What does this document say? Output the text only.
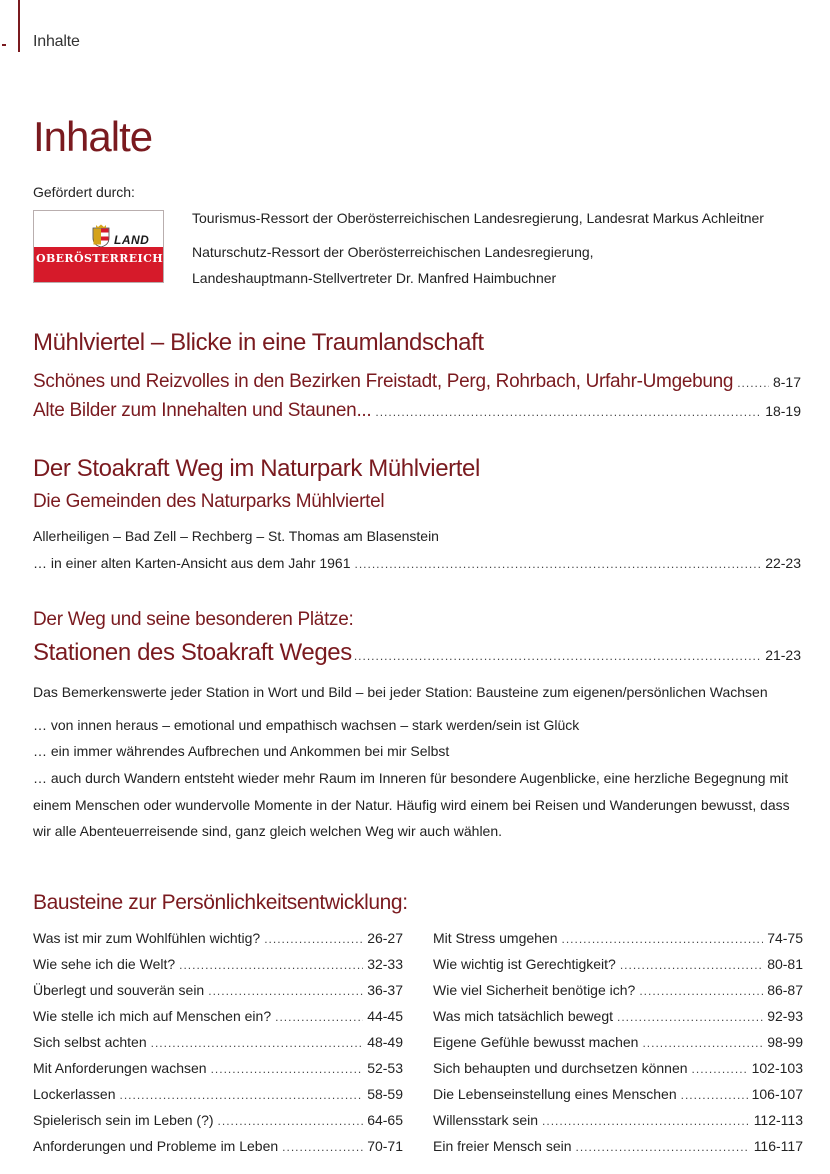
Inhalte
Inhalte
Gefördert durch:
LAND
OBERÖSTERREICH
Tourismus-Ressort der Oberösterreichischen Landesregierung, Landesrat Markus Achleitner
Naturschutz-Ressort der Oberösterreichischen Landesregierung,
Landeshauptmann-Stellvertreter Dr. Manfred Haimbuchner
Mühlviertel – Blicke in eine Traumlandschaft
Schönes und Reizvolles in den Bezirken Freistadt, Perg, Rohrbach, Urfahr-Umgebung .....	8-17
Alte Bilder zum Innehalten und Staunen... .....	18-19
Der Stoakraft Weg im Naturpark Mühlviertel
Die Gemeinden des Naturparks Mühlviertel
Allerheiligen – Bad Zell – Rechberg – St. Thomas am Blasenstein
… in einer alten Karten-Ansicht aus dem Jahr 1961 .....	22-23
Der Weg und seine besonderen Plätze:
Stationen des Stoakraft Weges .....	21-23
Das Bemerkenswerte jeder Station in Wort und Bild – bei jeder Station: Bausteine zum eigenen/persönlichen Wachsen
… von innen heraus – emotional und empathisch wachsen – stark werden/sein ist Glück
… ein immer währendes Aufbrechen und Ankommen bei mir Selbst
… auch durch Wandern entsteht wieder mehr Raum im Inneren für besondere Augenblicke, eine herzliche Begegnung mit einem Menschen oder wundervolle Momente in der Natur. Häufig wird einem bei Reisen und Wanderungen bewusst, dass wir alle Abenteuerreisende sind, ganz gleich welchen Weg wir auch wählen.
Bausteine zur Persönlichkeitsentwicklung:
Was ist mir zum Wohlfühlen wichtig? .....	26-27
Wie sehe ich die Welt? .....	32-33
Überlegt und souverän sein .....	36-37
Wie stelle ich mich auf Menschen ein? .....	44-45
Sich selbst achten .....	48-49
Mit Anforderungen wachsen .....	52-53
Lockerlassen .....	58-59
Spielerisch sein im Leben (?) .....	64-65
Anforderungen und Probleme im Leben .....	70-71
Mit Stress umgehen .....	74-75
Wie wichtig ist Gerechtigkeit? .....	80-81
Wie viel Sicherheit benötige ich? .....	86-87
Was mich tatsächlich bewegt .....	92-93
Eigene Gefühle bewusst machen .....	98-99
Sich behaupten und durchsetzen können .....	102-103
Die Lebenseinstellung eines Menschen .....	106-107
Willensstark sein .....	112-113
Ein freier Mensch sein .....	116-117
